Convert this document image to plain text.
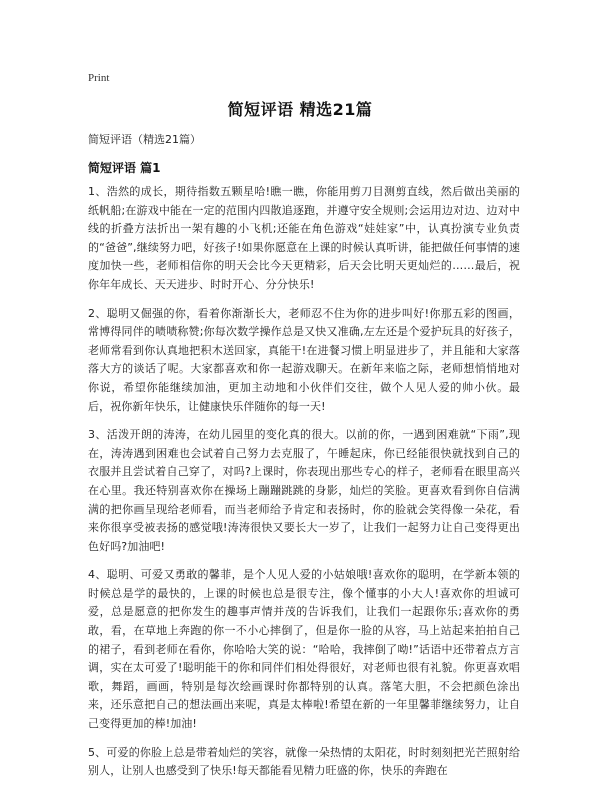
Print
简短评语 精选21篇
简短评语（精选21篇）
简短评语 篇1

1、浩然的成长，期待指数五颗星哈!瞧一瞧，你能用剪刀目测剪直线，然后做出美丽的纸帆船;在游戏中能在一定的范围内四散追逐跑，并遵守安全规则;会运用边对边、边对中线的折叠方法折出一架有趣的小飞机;还能在角色游戏“娃娃家”中，认真扮演专业负责的“爸爸”,继续努力吧，好孩子!如果你愿意在上课的时候认真听讲，能把做任何事情的速度加快一些，老师相信你的明天会比今天更精彩，后天会比明天更灿烂的……最后，祝你年年成长、天天进步、时时开心、分分快乐!

2、聪明又倔强的你，看着你渐渐长大，老师忍不住为你的进步叫好!你那五彩的图画，常博得同伴的啧啧称赞;你每次数学操作总是又快又准确,左左还是个爱护玩具的好孩子，老师常看到你认真地把积木送回家，真能干!在进餐习惯上明显进步了，并且能和大家落落大方的谈话了呢。大家都喜欢和你一起游戏聊天。在新年来临之际，老师想悄悄地对你说，希望你能继续加油，更加主动地和小伙伴们交往，做个人见人爱的帅小伙。最后，祝你新年快乐，让健康快乐伴随你的每一天!

3、活泼开朗的涛涛，在幼儿园里的变化真的很大。以前的你，一遇到困难就“下雨”,现在，涛涛遇到困难也会试着自己努力去克服了，午睡起床，你已经能很快就找到自己的衣服并且尝试着自己穿了，对吗?上课时，你表现出那些专心的样子，老师看在眼里高兴在心里。我还特别喜欢你在操场上蹦蹦跳跳的身影，灿烂的笑脸。更喜欢看到你自信满满的把你画呈现给老师看，而当老师给予肯定和表扬时，你的脸就会笑得像一朵花，看来你很享受被表扬的感觉哦!涛涛很快又要长大一岁了，让我们一起努力让自己变得更出色好吗?加油吧!

4、聪明、可爱又勇敢的馨菲，是个人见人爱的小姑娘哦!喜欢你的聪明，在学新本领的时候总是学的最快的，上课的时候也总是很专注，像个懂事的小大人!喜欢你的坦诚可爱，总是愿意的把你发生的趣事声情并茂的告诉我们，让我们一起跟你乐;喜欢你的勇敢，看，在草地上奔跑的你一不小心摔倒了，但是你一脸的从容，马上站起来拍拍自己的裙子，看到老师在看你，你哈哈大笑的说：“哈哈，我摔倒了呦!”话语中还带着点方言调，实在太可爱了!聪明能干的你和同伴们相处得很好，对老师也很有礼貌。你更喜欢唱歌，舞蹈，画画，特别是每次绘画课时你都特别的认真。落笔大胆，不会把颜色涂出来，还乐意把自己的想法画出来呢，真是太棒啦!希望在新的一年里馨菲继续努力，让自己变得更加的棒!加油!

5、可爱的你脸上总是带着灿烂的笑容，就像一朵热情的太阳花，时时刻刻把光芒照射给别人，让别人也感受到了快乐!每天都能看见精力旺盛的你，快乐的奔跑在
